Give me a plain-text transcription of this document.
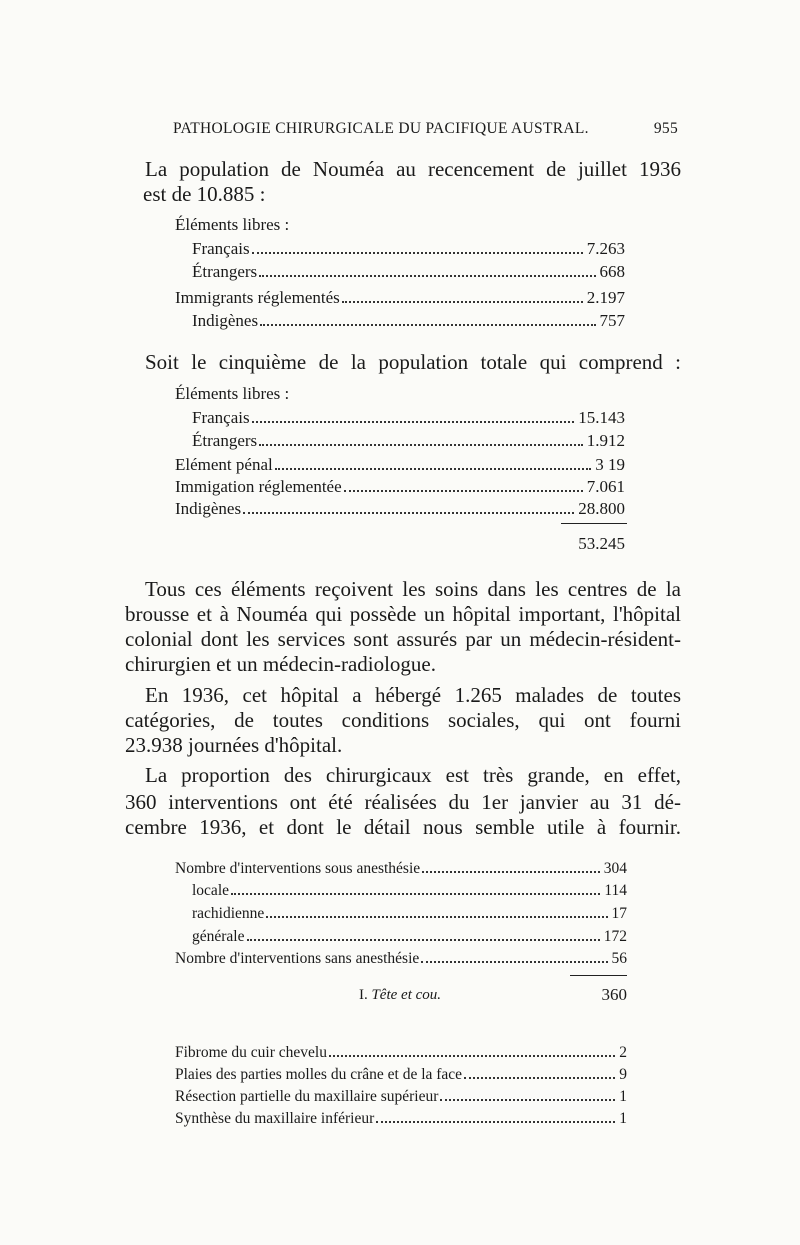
PATHOLOGIE CHIRURGICALE DU PACIFIQUE AUSTRAL.	955
La population de Nouméa au recencement de juillet 1936
est de 10.885 :
Éléments libres :
Français	7.263
Étrangers	668
Immigrants réglementés	2.197
Indigènes	757
Soit le cinquième de la population totale qui comprend :
Éléments libres :
Français	15.143
Étrangers	1.912
Elément pénal	3 19
Immigation réglementée	7.061
Indigènes	28.800
53.245
Tous ces éléments reçoivent les soins dans les centres de la
brousse et à Nouméa qui possède un hôpital important, l'hôpital
colonial dont les services sont assurés par un médecin-résident-
chirurgien et un médecin-radiologue.
En 1936, cet hôpital a hébergé 1.265 malades de toutes
catégories, de toutes conditions sociales, qui ont fourni
23.938 journées d'hôpital.
La proportion des chirurgicaux est très grande, en effet,
360 interventions ont été réalisées du 1er janvier au 31 dé-
cembre 1936, et dont le détail nous semble utile à fournir.
Nombre d'interventions sous anesthésie	304
locale	114
rachidienne	17
générale	172
Nombre d'interventions sans anesthésie	56
360
I. Tête et cou.
Fibrome du cuir chevelu	2
Plaies des parties molles du crâne et de la face	9
Résection partielle du maxillaire supérieur	1
Synthèse du maxillaire inférieur	1
